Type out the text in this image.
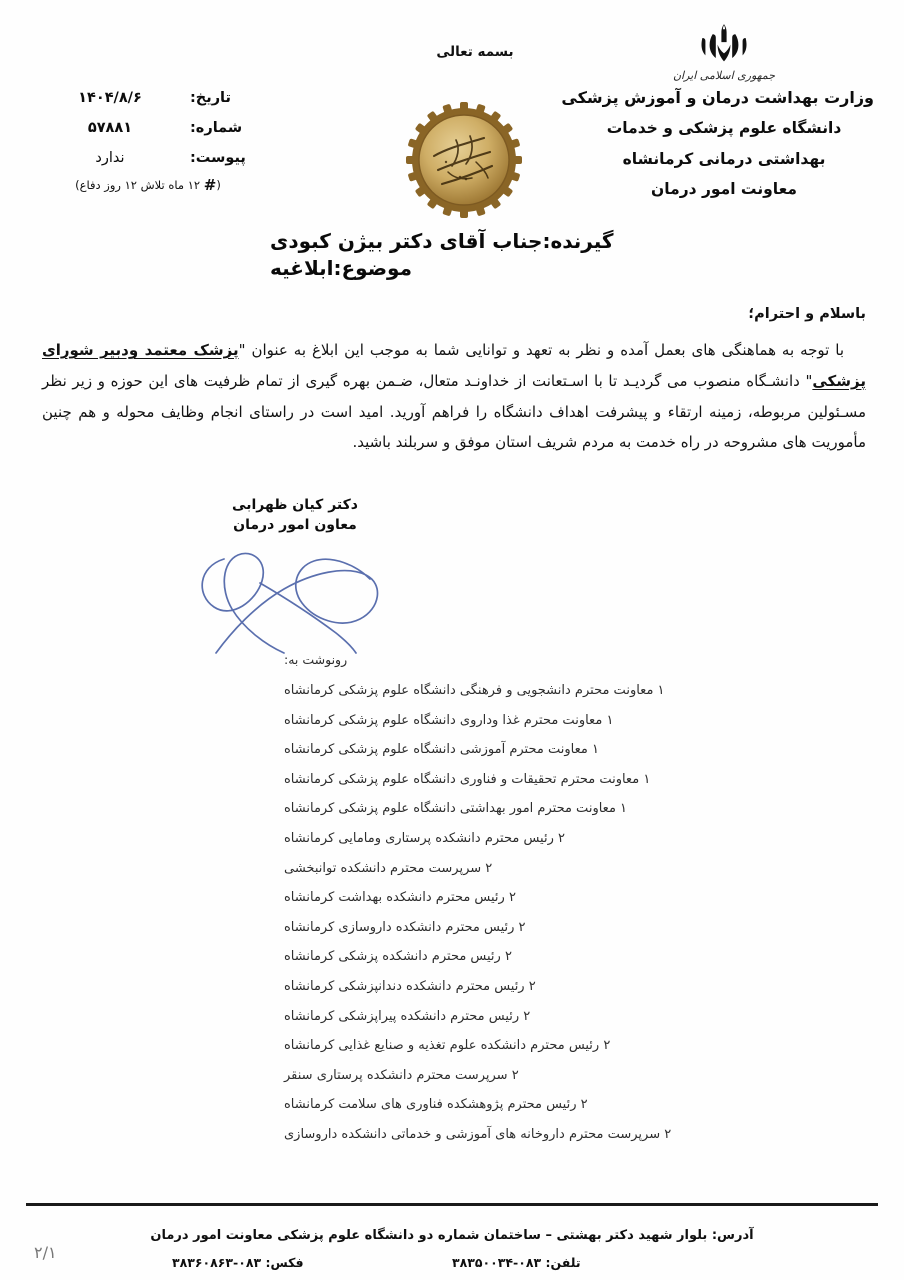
جمهوری اسلامی ایران
وزارت بهداشت درمان و آموزش پزشکی
دانشگاه علوم پزشکی و خدمات
بهداشتی درمانی کرمانشاه
معاونت امور درمان
بسمه تعالی
تاریخ:
۱۴۰۴/۸/۶
شماره:
۵۷۸۸۱
پیوست:
ندارد
(# ۱۲ ماه تلاش ۱۲ روز دفاع)
گیرنده:جناب آقای دکتر بیژن کبودی
موضوع:ابلاغیه

باسلام و احترام؛

با توجه به هماهنگی های بعمل آمده و نظر به تعهد و توانایی شما به موجب این ابلاغ به عنوان "پزشک معتمد ودبیر شورای پزشکی" دانشـگاه منصوب می گردیـد تا با اسـتعانت از خداونـد متعال، ضـمن بهره گیری از تمام ظرفیت های این حوزه و زیر نظر مسـئولین مربوطه، زمینه ارتقاء و پیشرفت اهداف دانشگاه را فراهم آورید. امید است در راستای انجام وظایف محوله و هم چنین مأموریت های مشروحه در راه خدمت به مردم شریف استان موفق و سربلند باشید.

دکتر کیان ظهرابی

معاون امور درمان

رونوشت به:
۱ معاونت محترم دانشجویی و فرهنگی دانشگاه علوم پزشکی کرمانشاه
۱ معاونت محترم غذا ودارو‌ی دانشگاه علوم پزشکی کرمانشاه
۱ معاونت محترم آموزشی دانشگاه علوم پزشکی کرمانشاه
۱ معاونت محترم تحقیقات و فناوری دانشگاه علوم پزشکی کرمانشاه
۱ معاونت محترم امور بهداشتی دانشگاه علوم پزشکی کرمانشاه
۲ رئیس محترم دانشکده پرستاری ومامایی کرمانشاه
۲ سرپرست محترم دانشکده توانبخشی
۲ رئیس محترم دانشکده بهداشت کرمانشاه
۲ رئیس محترم دانشکده داروسازی کرمانشاه
۲ رئیس محترم دانشکده پزشکی کرمانشاه
۲ رئیس محترم دانشکده دندانپزشکی کرمانشاه
۲ رئیس محترم دانشکده پیراپزشکی کرمانشاه
۲ رئیس محترم دانشکده علوم تغذیه و صنایع غذایی کرمانشاه
۲ سرپرست محترم دانشکده پرستاری سنقر
۲ رئیس محترم پژوهشکده فناوری های سلامت کرمانشاه
۲ سرپرست محترم داروخانه های آموزشی و خدماتی دانشکده داروسازی
آدرس: بلوار شهید دکتر بهشتی – ساختمان شماره دو دانشگاه علوم پزشکی معاونت امور درمان
تلفن: ۰۸۳-۳۸۳۵۰۰۳۴
فکس: ۰۸۳-۳۸۳۶۰۸۶۳
۲/۱
